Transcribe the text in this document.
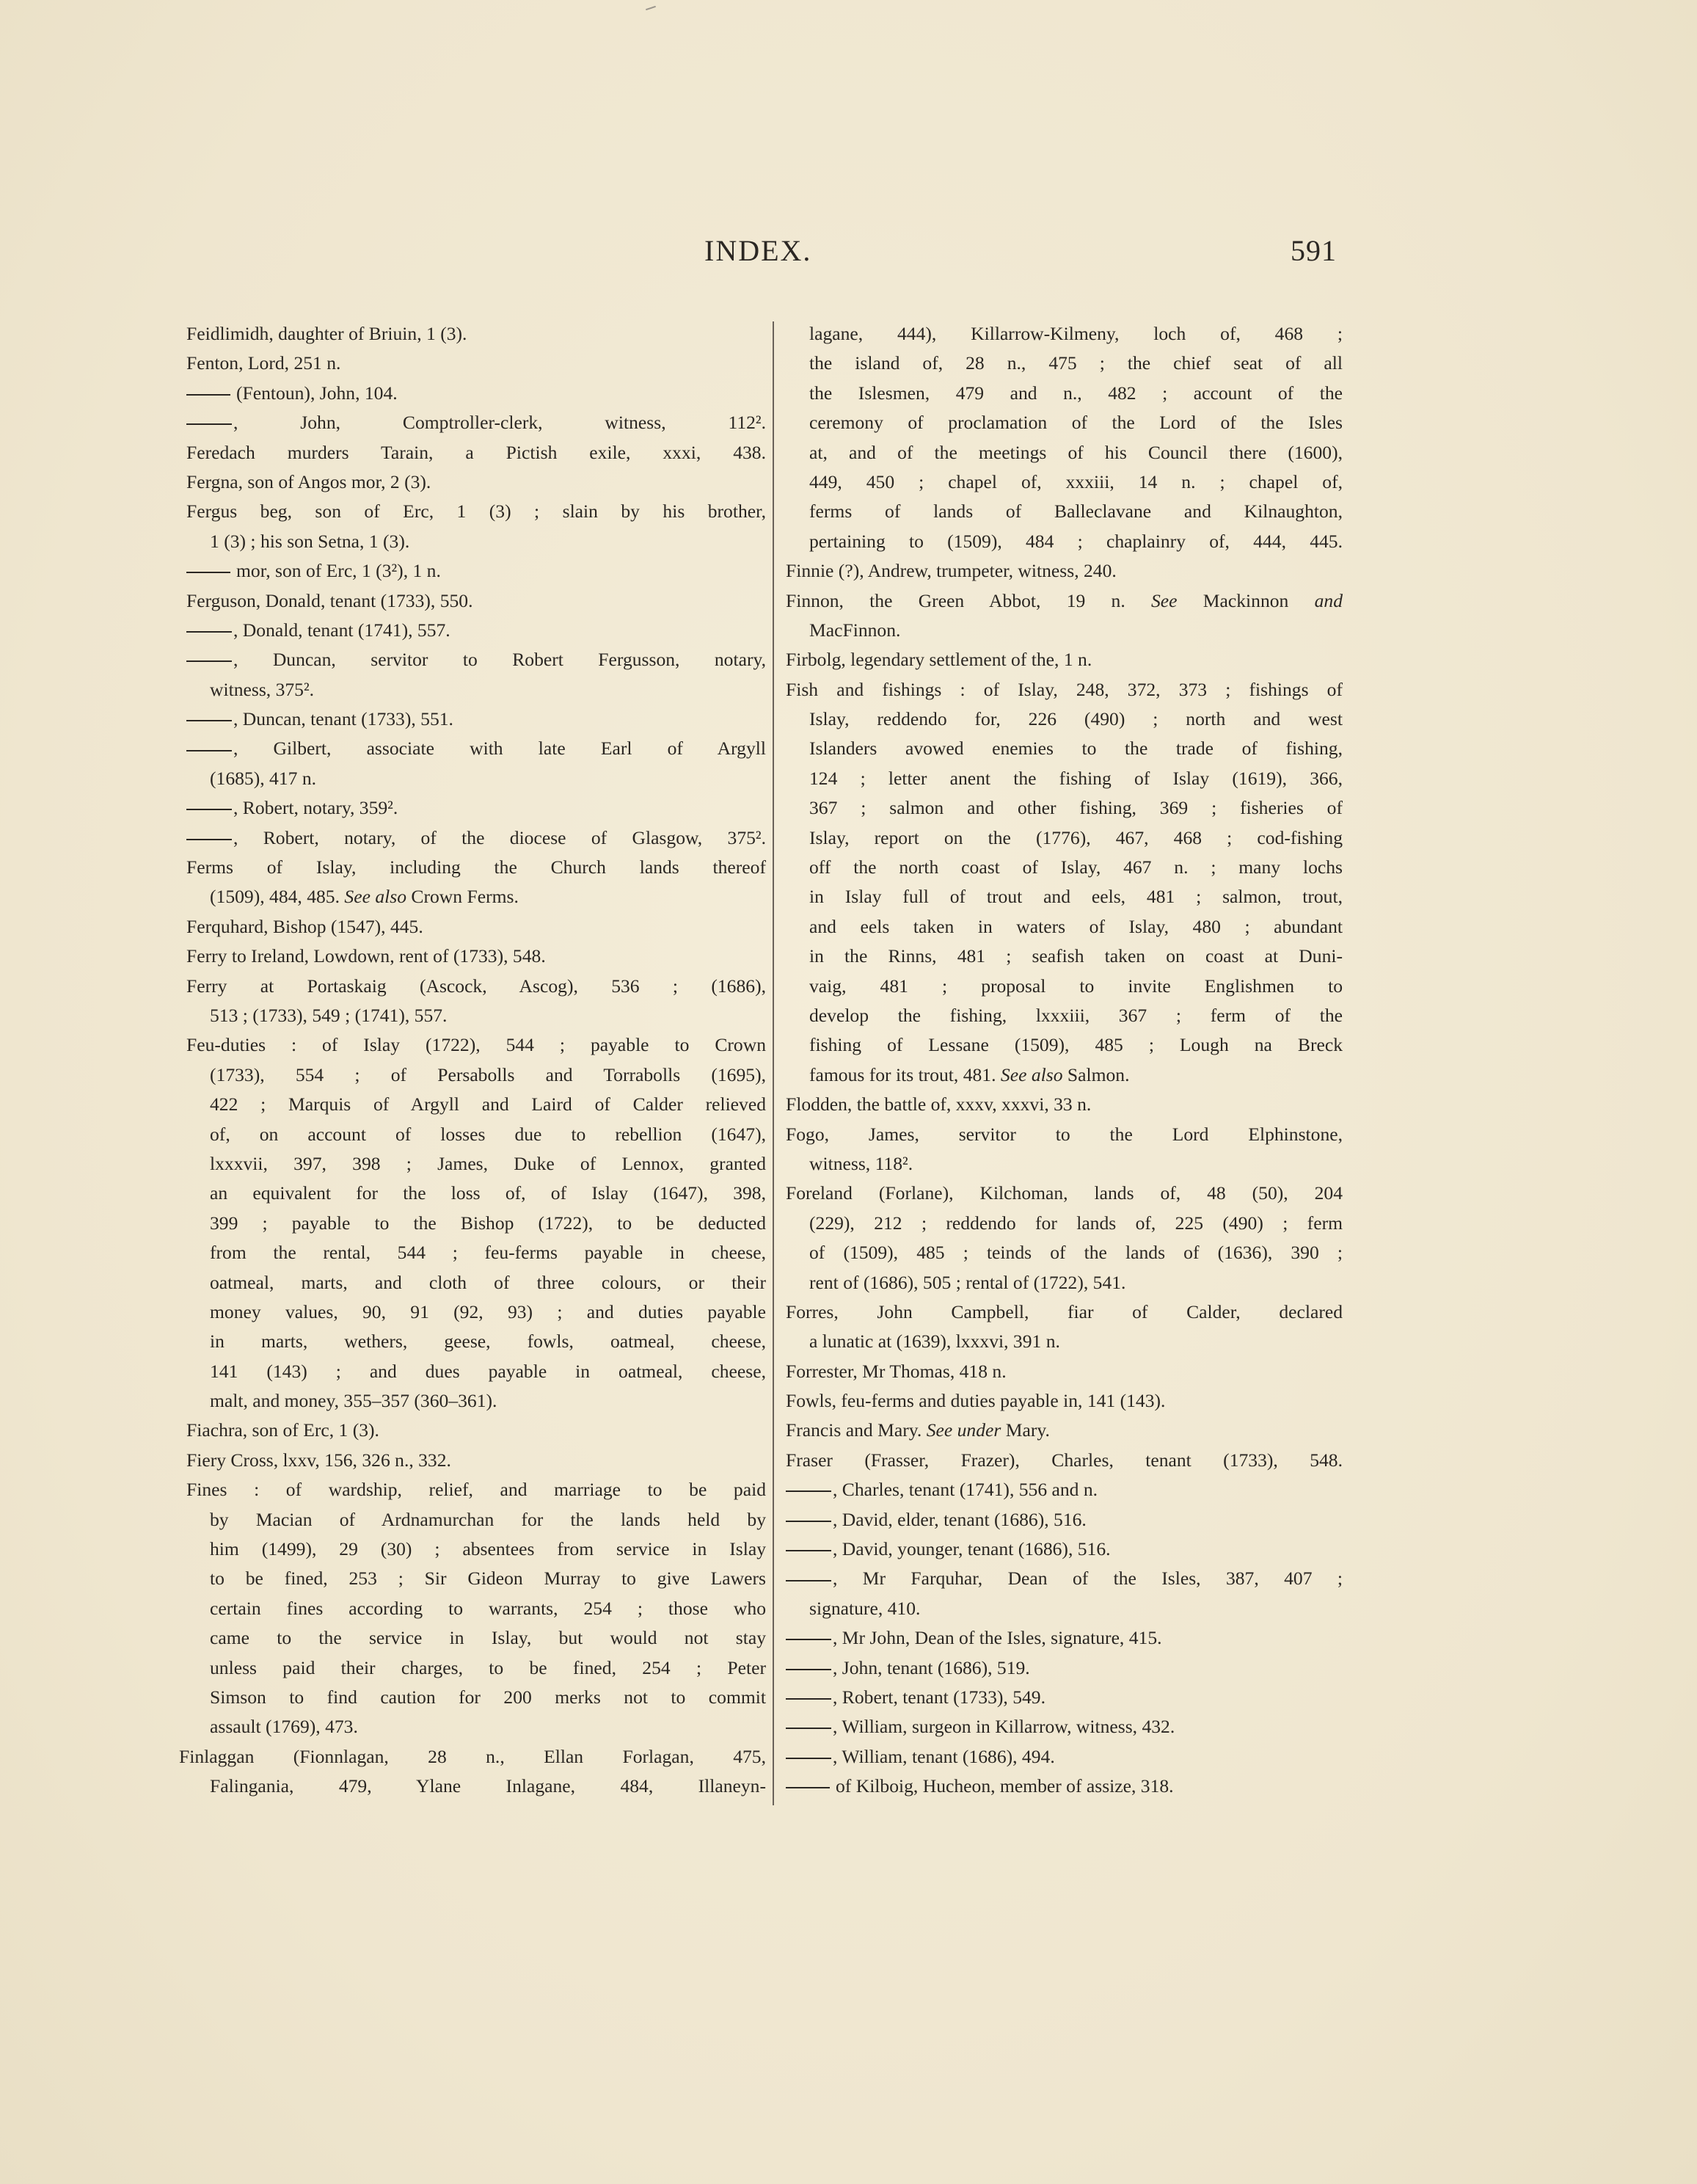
INDEX.	591
Feidlimidh, daughter of Briuin, 1 (3).
Fenton, Lord, 251 n.
(Fentoun), John, 104.
, John, Comptroller-clerk, witness, 112².
Feredach murders Tarain, a Pictish exile, xxxi, 438.
Fergna, son of Angos mor, 2 (3).
Fergus beg, son of Erc, 1 (3) ; slain by his brother,
1 (3) ; his son Setna, 1 (3).
mor, son of Erc, 1 (3²), 1 n.
Ferguson, Donald, tenant (1733), 550.
, Donald, tenant (1741), 557.
, Duncan, servitor to Robert Fergusson, notary,
witness, 375².
, Duncan, tenant (1733), 551.
, Gilbert, associate with late Earl of Argyll
(1685), 417 n.
, Robert, notary, 359².
, Robert, notary, of the diocese of Glasgow, 375².
Ferms of Islay, including the Church lands thereof
(1509), 484, 485. See also Crown Ferms.
Ferquhard, Bishop (1547), 445.
Ferry to Ireland, Lowdown, rent of (1733), 548.
Ferry at Portaskaig (Ascock, Ascog), 536 ; (1686),
513 ; (1733), 549 ; (1741), 557.
Feu-duties : of Islay (1722), 544 ; payable to Crown
(1733), 554 ; of Persabolls and Torrabolls (1695),
422 ; Marquis of Argyll and Laird of Calder relieved
of, on account of losses due to rebellion (1647),
lxxxvii, 397, 398 ; James, Duke of Lennox, granted
an equivalent for the loss of, of Islay (1647), 398,
399 ; payable to the Bishop (1722), to be deducted
from the rental, 544 ; feu-ferms payable in cheese,
oatmeal, marts, and cloth of three colours, or their
money values, 90, 91 (92, 93) ; and duties payable
in marts, wethers, geese, fowls, oatmeal, cheese,
141 (143) ; and dues payable in oatmeal, cheese,
malt, and money, 355–357 (360–361).
Fiachra, son of Erc, 1 (3).
Fiery Cross, lxxv, 156, 326 n., 332.
Fines : of wardship, relief, and marriage to be paid
by Macian of Ardnamurchan for the lands held by
him (1499), 29 (30) ; absentees from service in Islay
to be fined, 253 ; Sir Gideon Murray to give Lawers
certain fines according to warrants, 254 ; those who
came to the service in Islay, but would not stay
unless paid their charges, to be fined, 254 ; Peter
Simson to find caution for 200 merks not to commit
assault (1769), 473.
Finlaggan (Fionnlagan, 28 n., Ellan Forlagan, 475,
Falingania, 479, Ylane Inlagane, 484, Illaneyn-
lagane, 444), Killarrow-Kilmeny, loch of, 468 ;
the island of, 28 n., 475 ; the chief seat of all
the Islesmen, 479 and n., 482 ; account of the
ceremony of proclamation of the Lord of the Isles
at, and of the meetings of his Council there (1600),
449, 450 ; chapel of, xxxiii, 14 n. ; chapel of,
ferms of lands of Balleclavane and Kilnaughton,
pertaining to (1509), 484 ; chaplainry of, 444, 445.
Finnie (?), Andrew, trumpeter, witness, 240.
Finnon, the Green Abbot, 19 n. See Mackinnon and
MacFinnon.
Firbolg, legendary settlement of the, 1 n.
Fish and fishings : of Islay, 248, 372, 373 ; fishings of
Islay, reddendo for, 226 (490) ; north and west
Islanders avowed enemies to the trade of fishing,
124 ; letter anent the fishing of Islay (1619), 366,
367 ; salmon and other fishing, 369 ; fisheries of
Islay, report on the (1776), 467, 468 ; cod-fishing
off the north coast of Islay, 467 n. ; many lochs
in Islay full of trout and eels, 481 ; salmon, trout,
and eels taken in waters of Islay, 480 ; abundant
in the Rinns, 481 ; seafish taken on coast at Duni-
vaig, 481 ; proposal to invite Englishmen to
develop the fishing, lxxxiii, 367 ; ferm of the
fishing of Lessane (1509), 485 ; Lough na Breck
famous for its trout, 481. See also Salmon.
Flodden, the battle of, xxxv, xxxvi, 33 n.
Fogo, James, servitor to the Lord Elphinstone,
witness, 118².
Foreland (Forlane), Kilchoman, lands of, 48 (50), 204
(229), 212 ; reddendo for lands of, 225 (490) ; ferm
of (1509), 485 ; teinds of the lands of (1636), 390 ;
rent of (1686), 505 ; rental of (1722), 541.
Forres, John Campbell, fiar of Calder, declared
a lunatic at (1639), lxxxvi, 391 n.
Forrester, Mr Thomas, 418 n.
Fowls, feu-ferms and duties payable in, 141 (143).
Francis and Mary. See under Mary.
Fraser (Frasser, Frazer), Charles, tenant (1733), 548.
, Charles, tenant (1741), 556 and n.
, David, elder, tenant (1686), 516.
, David, younger, tenant (1686), 516.
, Mr Farquhar, Dean of the Isles, 387, 407 ;
signature, 410.
, Mr John, Dean of the Isles, signature, 415.
, John, tenant (1686), 519.
, Robert, tenant (1733), 549.
, William, surgeon in Killarrow, witness, 432.
, William, tenant (1686), 494.
of Kilboig, Hucheon, member of assize, 318.
